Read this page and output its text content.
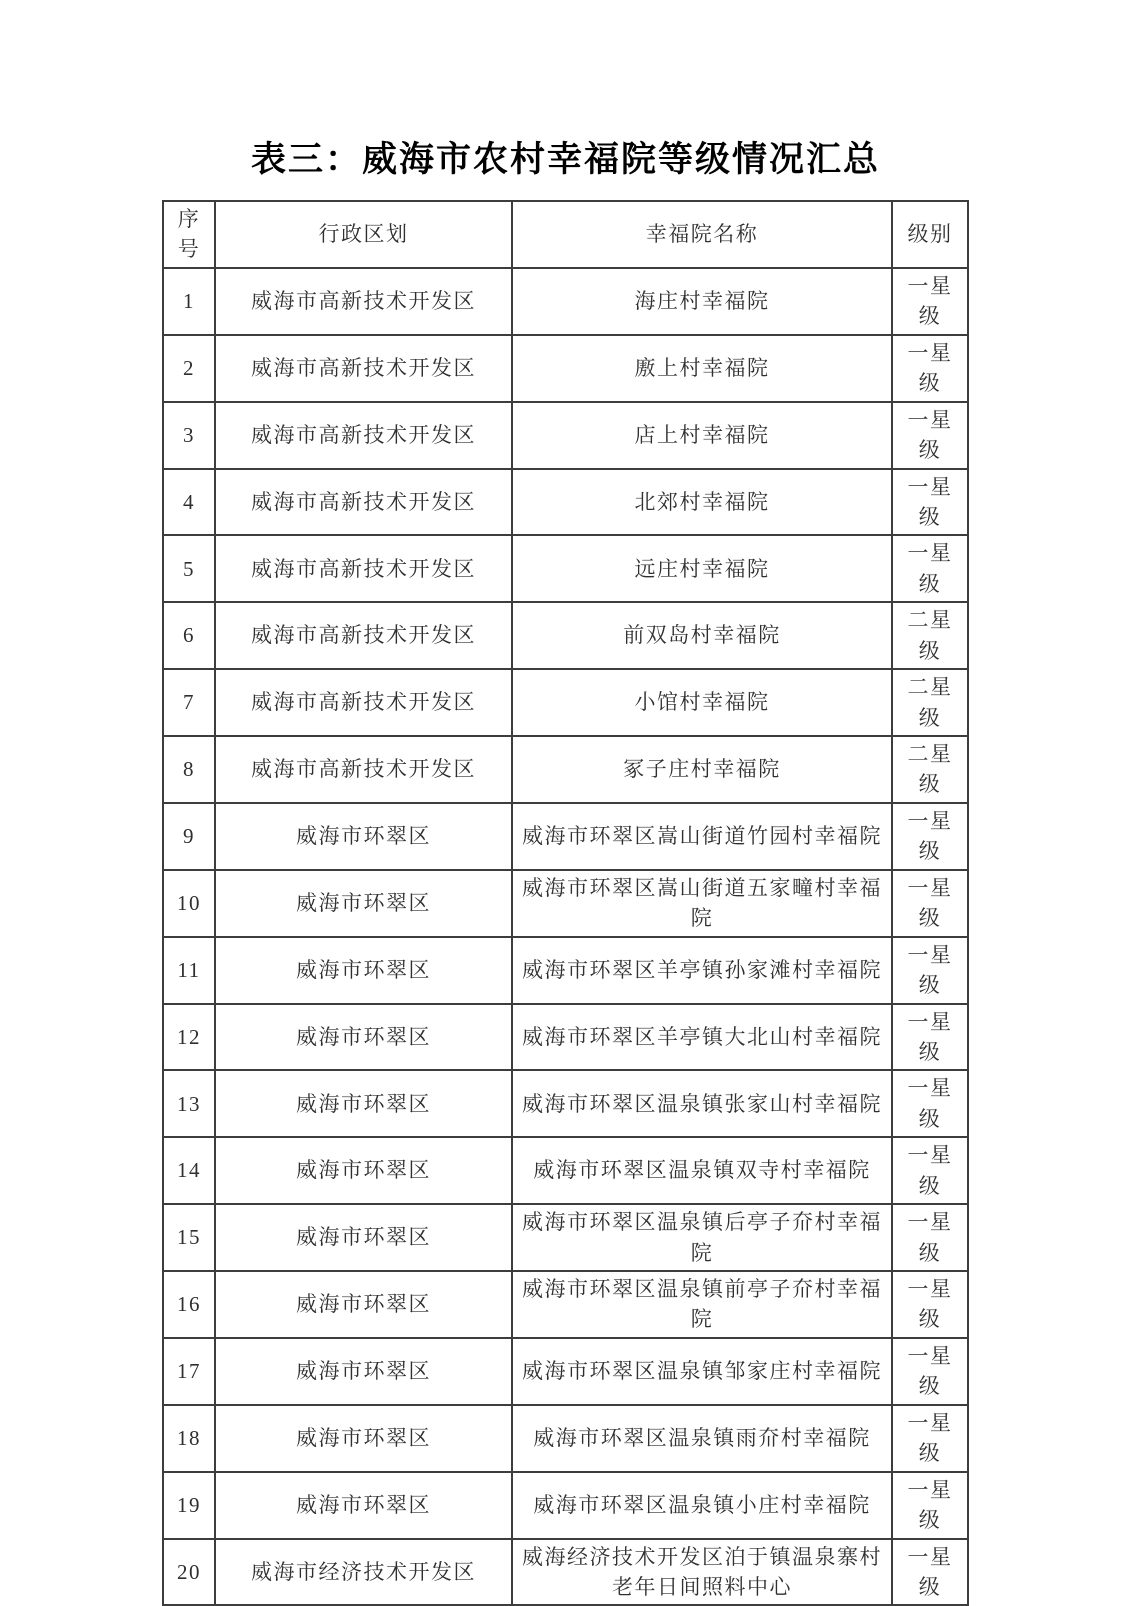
表三：威海市农村幸福院等级情况汇总
序号	行政区划	幸福院名称	级别
1	威海市高新技术开发区	海庄村幸福院	一星级
2	威海市高新技术开发区	廒上村幸福院	一星级
3	威海市高新技术开发区	店上村幸福院	一星级
4	威海市高新技术开发区	北郊村幸福院	一星级
5	威海市高新技术开发区	远庄村幸福院	一星级
6	威海市高新技术开发区	前双岛村幸福院	二星级
7	威海市高新技术开发区	小馆村幸福院	二星级
8	威海市高新技术开发区	冢子庄村幸福院	二星级
9	威海市环翠区	威海市环翠区嵩山街道竹园村幸福院	一星级
10	威海市环翠区	威海市环翠区嵩山街道五家疃村幸福院	一星级
11	威海市环翠区	威海市环翠区羊亭镇孙家滩村幸福院	一星级
12	威海市环翠区	威海市环翠区羊亭镇大北山村幸福院	一星级
13	威海市环翠区	威海市环翠区温泉镇张家山村幸福院	一星级
14	威海市环翠区	威海市环翠区温泉镇双寺村幸福院	一星级
15	威海市环翠区	威海市环翠区温泉镇后亭子夼村幸福院	一星级
16	威海市环翠区	威海市环翠区温泉镇前亭子夼村幸福院	一星级
17	威海市环翠区	威海市环翠区温泉镇邹家庄村幸福院	一星级
18	威海市环翠区	威海市环翠区温泉镇雨夼村幸福院	一星级
19	威海市环翠区	威海市环翠区温泉镇小庄村幸福院	一星级
20	威海市经济技术开发区	威海经济技术开发区泊于镇温泉寨村老年日间照料中心	一星级
